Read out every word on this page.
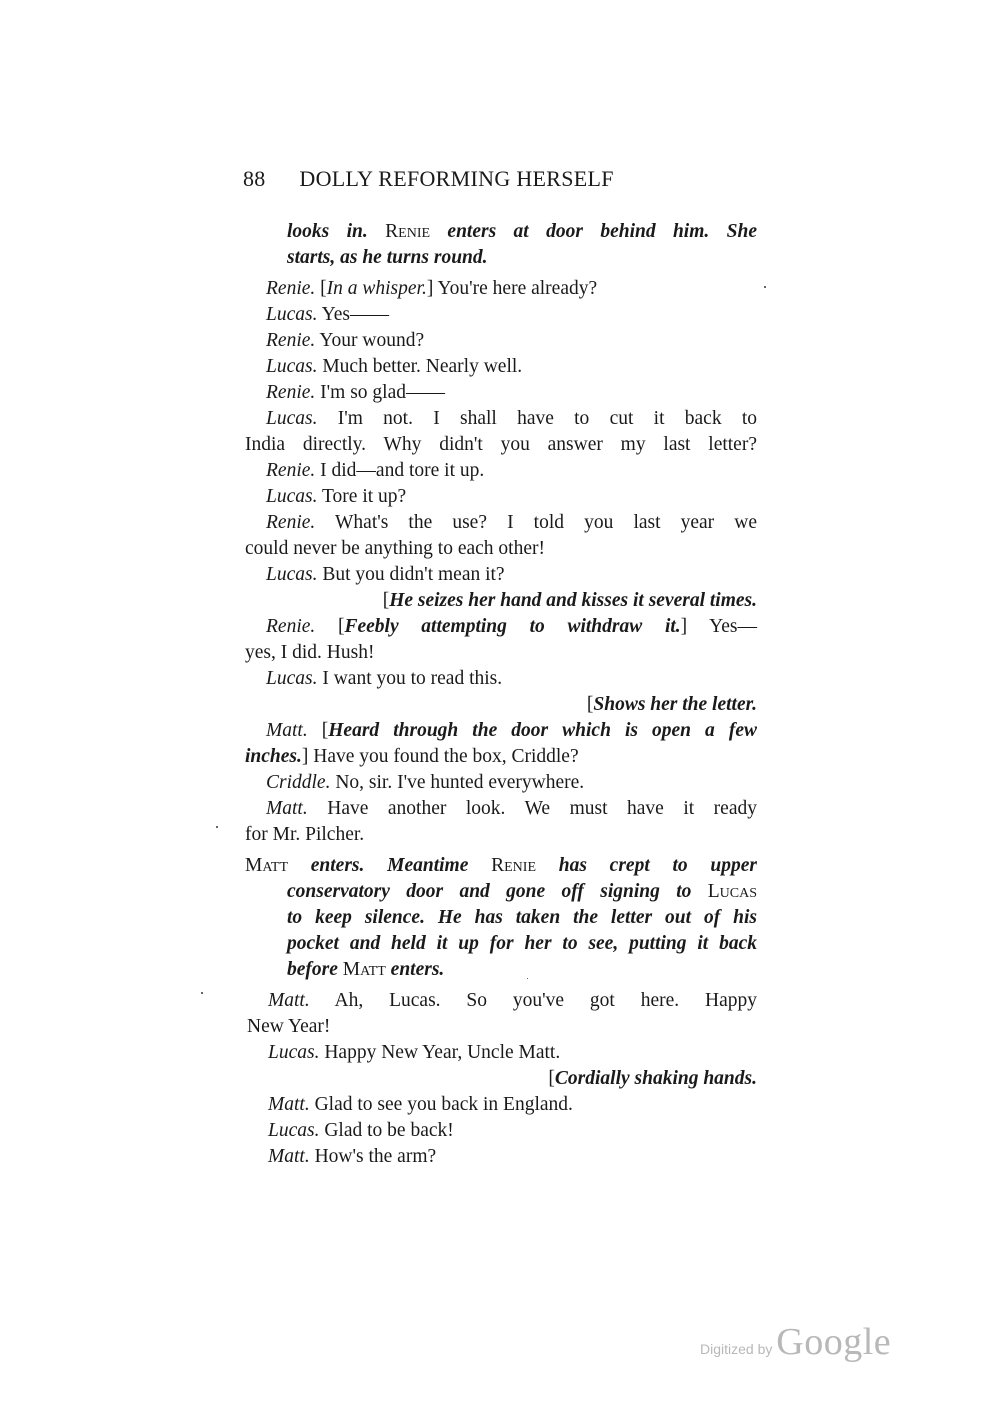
88 DOLLY REFORMING HERSELF
looks in. Renie enters at door behind him. She
starts, as he turns round.
Renie. [In a whisper.] You're here already?
Lucas. Yes——
Renie. Your wound?
Lucas. Much better. Nearly well.
Renie. I'm so glad——
Lucas. I'm not. I shall have to cut it back to
India directly. Why didn't you answer my last letter?
Renie. I did—and tore it up.
Lucas. Tore it up?
Renie. What's the use? I told you last year we
could never be anything to each other!
Lucas. But you didn't mean it?
[He seizes her hand and kisses it several times.
Renie. [Feebly attempting to withdraw it.] Yes—
yes, I did. Hush!
Lucas. I want you to read this.
[Shows her the letter.
Matt. [Heard through the door which is open a few
inches.] Have you found the box, Criddle?
Criddle. No, sir. I've hunted everywhere.
Matt. Have another look. We must have it ready
for Mr. Pilcher.
Matt enters. Meantime Renie has crept to upper
conservatory door and gone off signing to Lucas
to keep silence. He has taken the letter out of his
pocket and held it up for her to see, putting it back
before Matt enters.
Matt. Ah, Lucas. So you've got here. Happy
New Year!
Lucas. Happy New Year, Uncle Matt.
[Cordially shaking hands.
Matt. Glad to see you back in England.
Lucas. Glad to be back!
Matt. How's the arm?
Digitized by Google
